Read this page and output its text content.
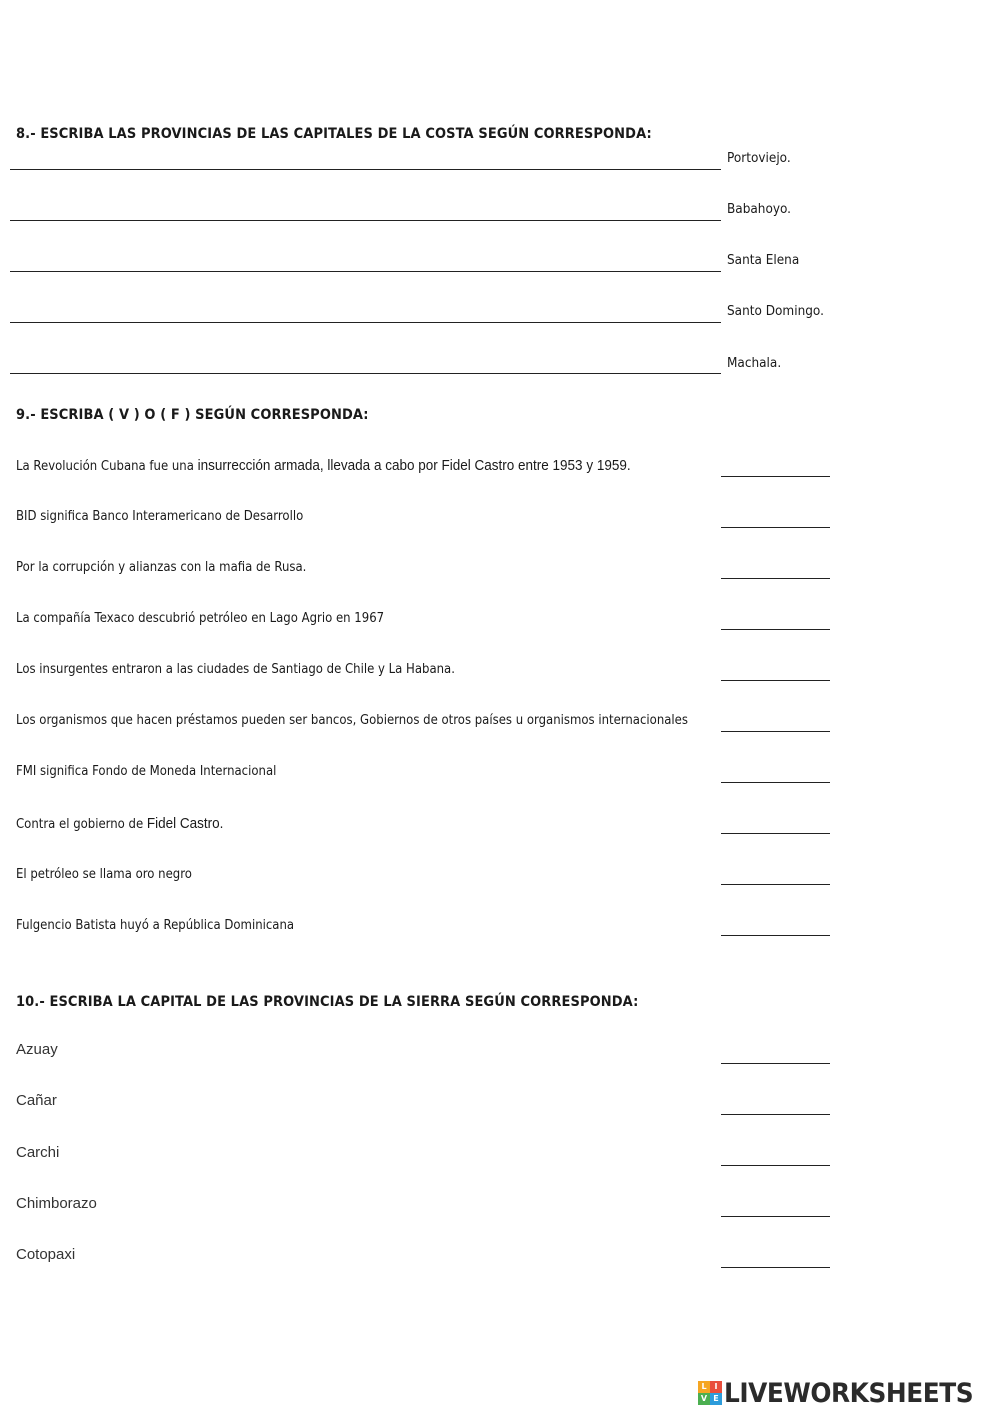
8.- ESCRIBA LAS PROVINCIAS DE LAS CAPITALES DE LA COSTA SEGÚN CORRESPONDA:
Portoviejo.
Babahoyo.
Santa Elena
Santo Domingo.
Machala.
9.- ESCRIBA ( V ) O ( F ) SEGÚN CORRESPONDA:
La Revolución Cubana fue una insurrección armada, llevada a cabo por Fidel Castro entre 1953 y 1959.
BID significa Banco Interamericano de Desarrollo
Por la corrupción y alianzas con la mafia de Rusa.
La compañía Texaco descubrió petróleo en Lago Agrio en 1967
Los insurgentes entraron a las ciudades de Santiago de Chile y La Habana.
Los organismos que hacen préstamos pueden ser bancos, Gobiernos de otros países u organismos internacionales
FMI significa Fondo de Moneda Internacional
Contra el gobierno de Fidel Castro.
El petróleo se llama oro negro
Fulgencio Batista huyó a República Dominicana
10.- ESCRIBA LA CAPITAL DE LAS PROVINCIAS DE LA SIERRA SEGÚN CORRESPONDA:
Azuay
Cañar
Carchi
Chimborazo
Cotopaxi
L I
V E LIVEWORKSHEETS
